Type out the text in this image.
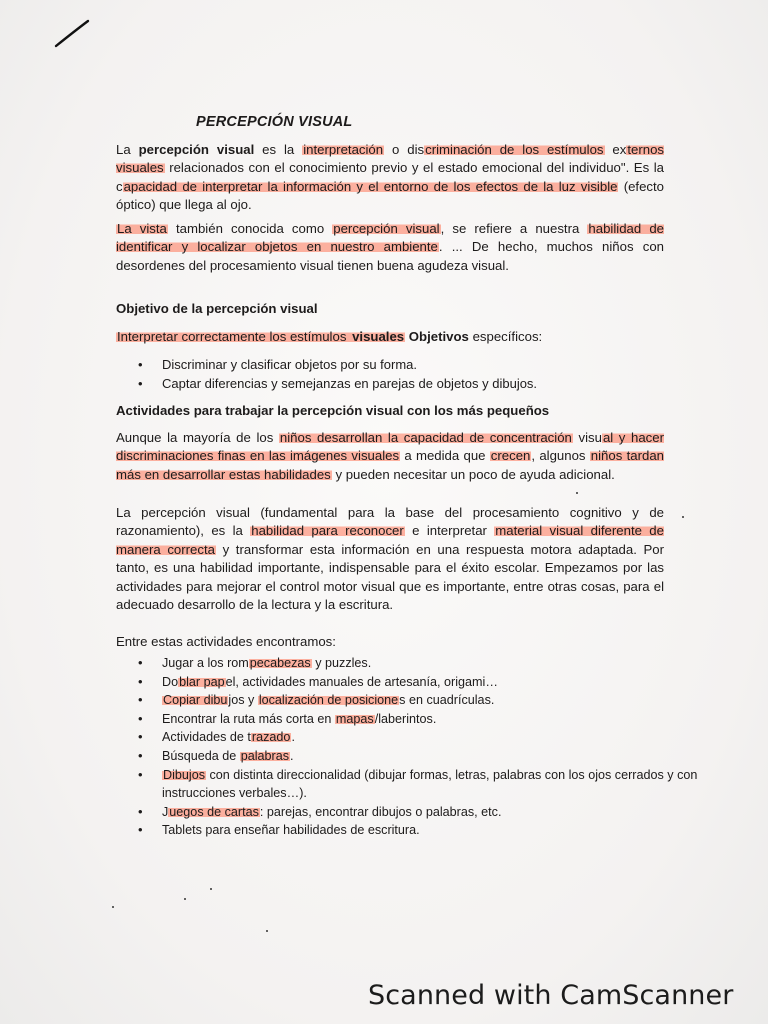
PERCEPCIÓN VISUAL

La percepción visual es la interpretación o discriminación de los estímulos externos visuales relacionados con el conocimiento previo y el estado emocional del individuo". Es la capacidad de interpretar la información y el entorno de los efectos de la luz visible (efecto óptico) que llega al ojo.

La vista también conocida como percepción visual, se refiere a nuestra habilidad de identificar y localizar objetos en nuestro ambiente. ... De hecho, muchos niños con desordenes del procesamiento visual tienen buena agudeza visual.

Objetivo de la percepción visual

Interpretar correctamente los estímulos visuales Objetivos específicos:

• Discriminar y clasificar objetos por su forma.
• Captar diferencias y semejanzas en parejas de objetos y dibujos.

Actividades para trabajar la percepción visual con los más pequeños

Aunque la mayoría de los niños desarrollan la capacidad de concentración visual y hacer discriminaciones finas en las imágenes visuales a medida que crecen, algunos niños tardan más en desarrollar estas habilidades y pueden necesitar un poco de ayuda adicional.

La percepción visual (fundamental para la base del procesamiento cognitivo y de razonamiento), es la habilidad para reconocer e interpretar material visual diferente de manera correcta y transformar esta información en una respuesta motora adaptada. Por tanto, es una habilidad importante, indispensable para el éxito escolar. Empezamos por las actividades para mejorar el control motor visual que es importante, entre otras cosas, para el adecuado desarrollo de la lectura y la escritura.

Entre estas actividades encontramos:

• Jugar a los rompecabezas y puzzles.
• Doblar papel, actividades manuales de artesanía, origami…
• Copiar dibujos y localización de posiciones en cuadrículas.
• Encontrar la ruta más corta en mapas/laberintos.
• Actividades de trazado.
• Búsqueda de palabras.
• Dibujos con distinta direccionalidad (dibujar formas, letras, palabras con los ojos cerrados y con instrucciones verbales…).
• Juegos de cartas: parejas, encontrar dibujos o palabras, etc.
• Tablets para enseñar habilidades de escritura.
Scanned with CamScanner
